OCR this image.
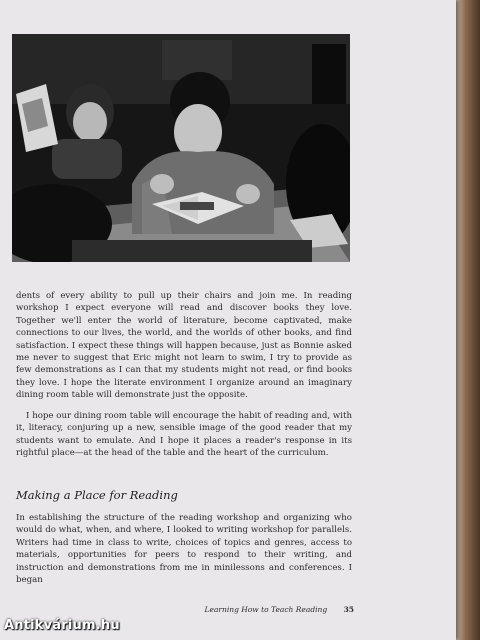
dents of every ability to pull up their chairs and join me. In reading workshop I expect everyone will read and discover books they love. Together we'll enter the world of literature, become captivated, make connections to our lives, the world, and the worlds of other books, and find satisfaction. I expect these things will happen because, just as Bonnie asked me never to suggest that Eric might not learn to swim, I try to provide as few demonstrations as I can that my students might not read, or find books they love. I hope the literate environment I organize around an imaginary dining room table will demonstrate just the opposite.

I hope our dining room table will encourage the habit of reading and, with it, literacy, conjuring up a new, sensible image of the good reader that my students want to emulate. And I hope it places a reader's response in its rightful place—at the head of the table and the heart of the curriculum.

Making a Place for Reading

In establishing the structure of the reading workshop and organizing who would do what, when, and where, I looked to writing workshop for parallels. Writers had time in class to write, choices of topics and genres, access to materials, opportunities for peers to respond to their writing, and instruction and demonstrations from me in minilessons and conferences. I began

Learning How to Teach Reading 35
Antikvárium.hu
